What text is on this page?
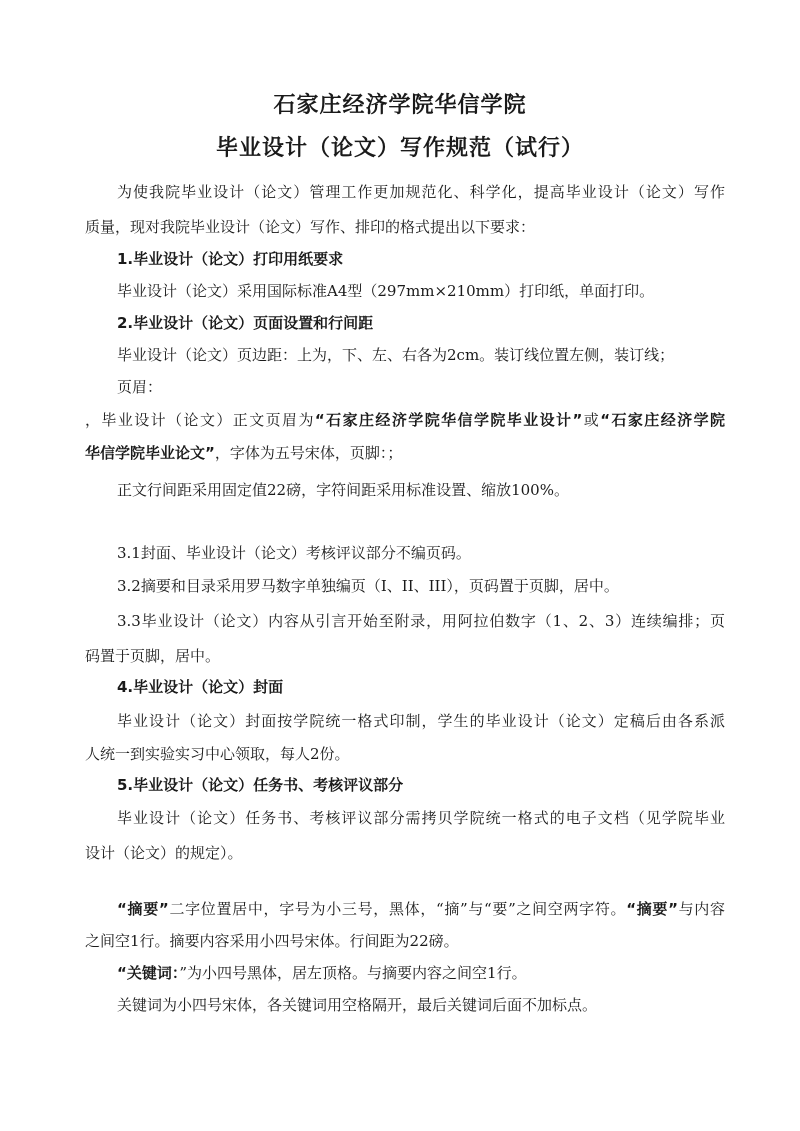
石家庄经济学院华信学院
毕业设计（论文）写作规范（试行）
为使我院毕业设计（论文）管理工作更加规范化、科学化，提高毕业设计（论文）写作
质量，现对我院毕业设计（论文）写作、排印的格式提出以下要求：
1.毕业设计（论文）打印用纸要求
毕业设计（论文）采用国际标准A4型（297mm×210mm）打印纸，单面打印。
2.毕业设计（论文）页面设置和行间距
毕业设计（论文）页边距：上为，下、左、右各为2cm。装订线位置左侧，装订线；
页眉：
，毕业设计（论文）正文页眉为“石家庄经济学院华信学院毕业设计”或“石家庄经济学院
华信学院毕业论文”，字体为五号宋体，页脚：；
正文行间距采用固定值22磅，字符间距采用标准设置、缩放100%。
3.1封面、毕业设计（论文）考核评议部分不编页码。
3.2摘要和目录采用罗马数字单独编页（I、II、III），页码置于页脚，居中。
3.3毕业设计（论文）内容从引言开始至附录，用阿拉伯数字（1、2、3）连续编排；页
码置于页脚，居中。
4.毕业设计（论文）封面
毕业设计（论文）封面按学院统一格式印制，学生的毕业设计（论文）定稿后由各系派
人统一到实验实习中心领取，每人2份。
5.毕业设计（论文）任务书、考核评议部分
毕业设计（论文）任务书、考核评议部分需拷贝学院统一格式的电子文档（见学院毕业
设计（论文）的规定）。
“摘要”二字位置居中，字号为小三号，黑体，“摘”与“要”之间空两字符。“摘要”与内容
之间空1行。摘要内容采用小四号宋体。行间距为22磅。
“关键词：”为小四号黑体，居左顶格。与摘要内容之间空1行。
关键词为小四号宋体，各关键词用空格隔开，最后关键词后面不加标点。
